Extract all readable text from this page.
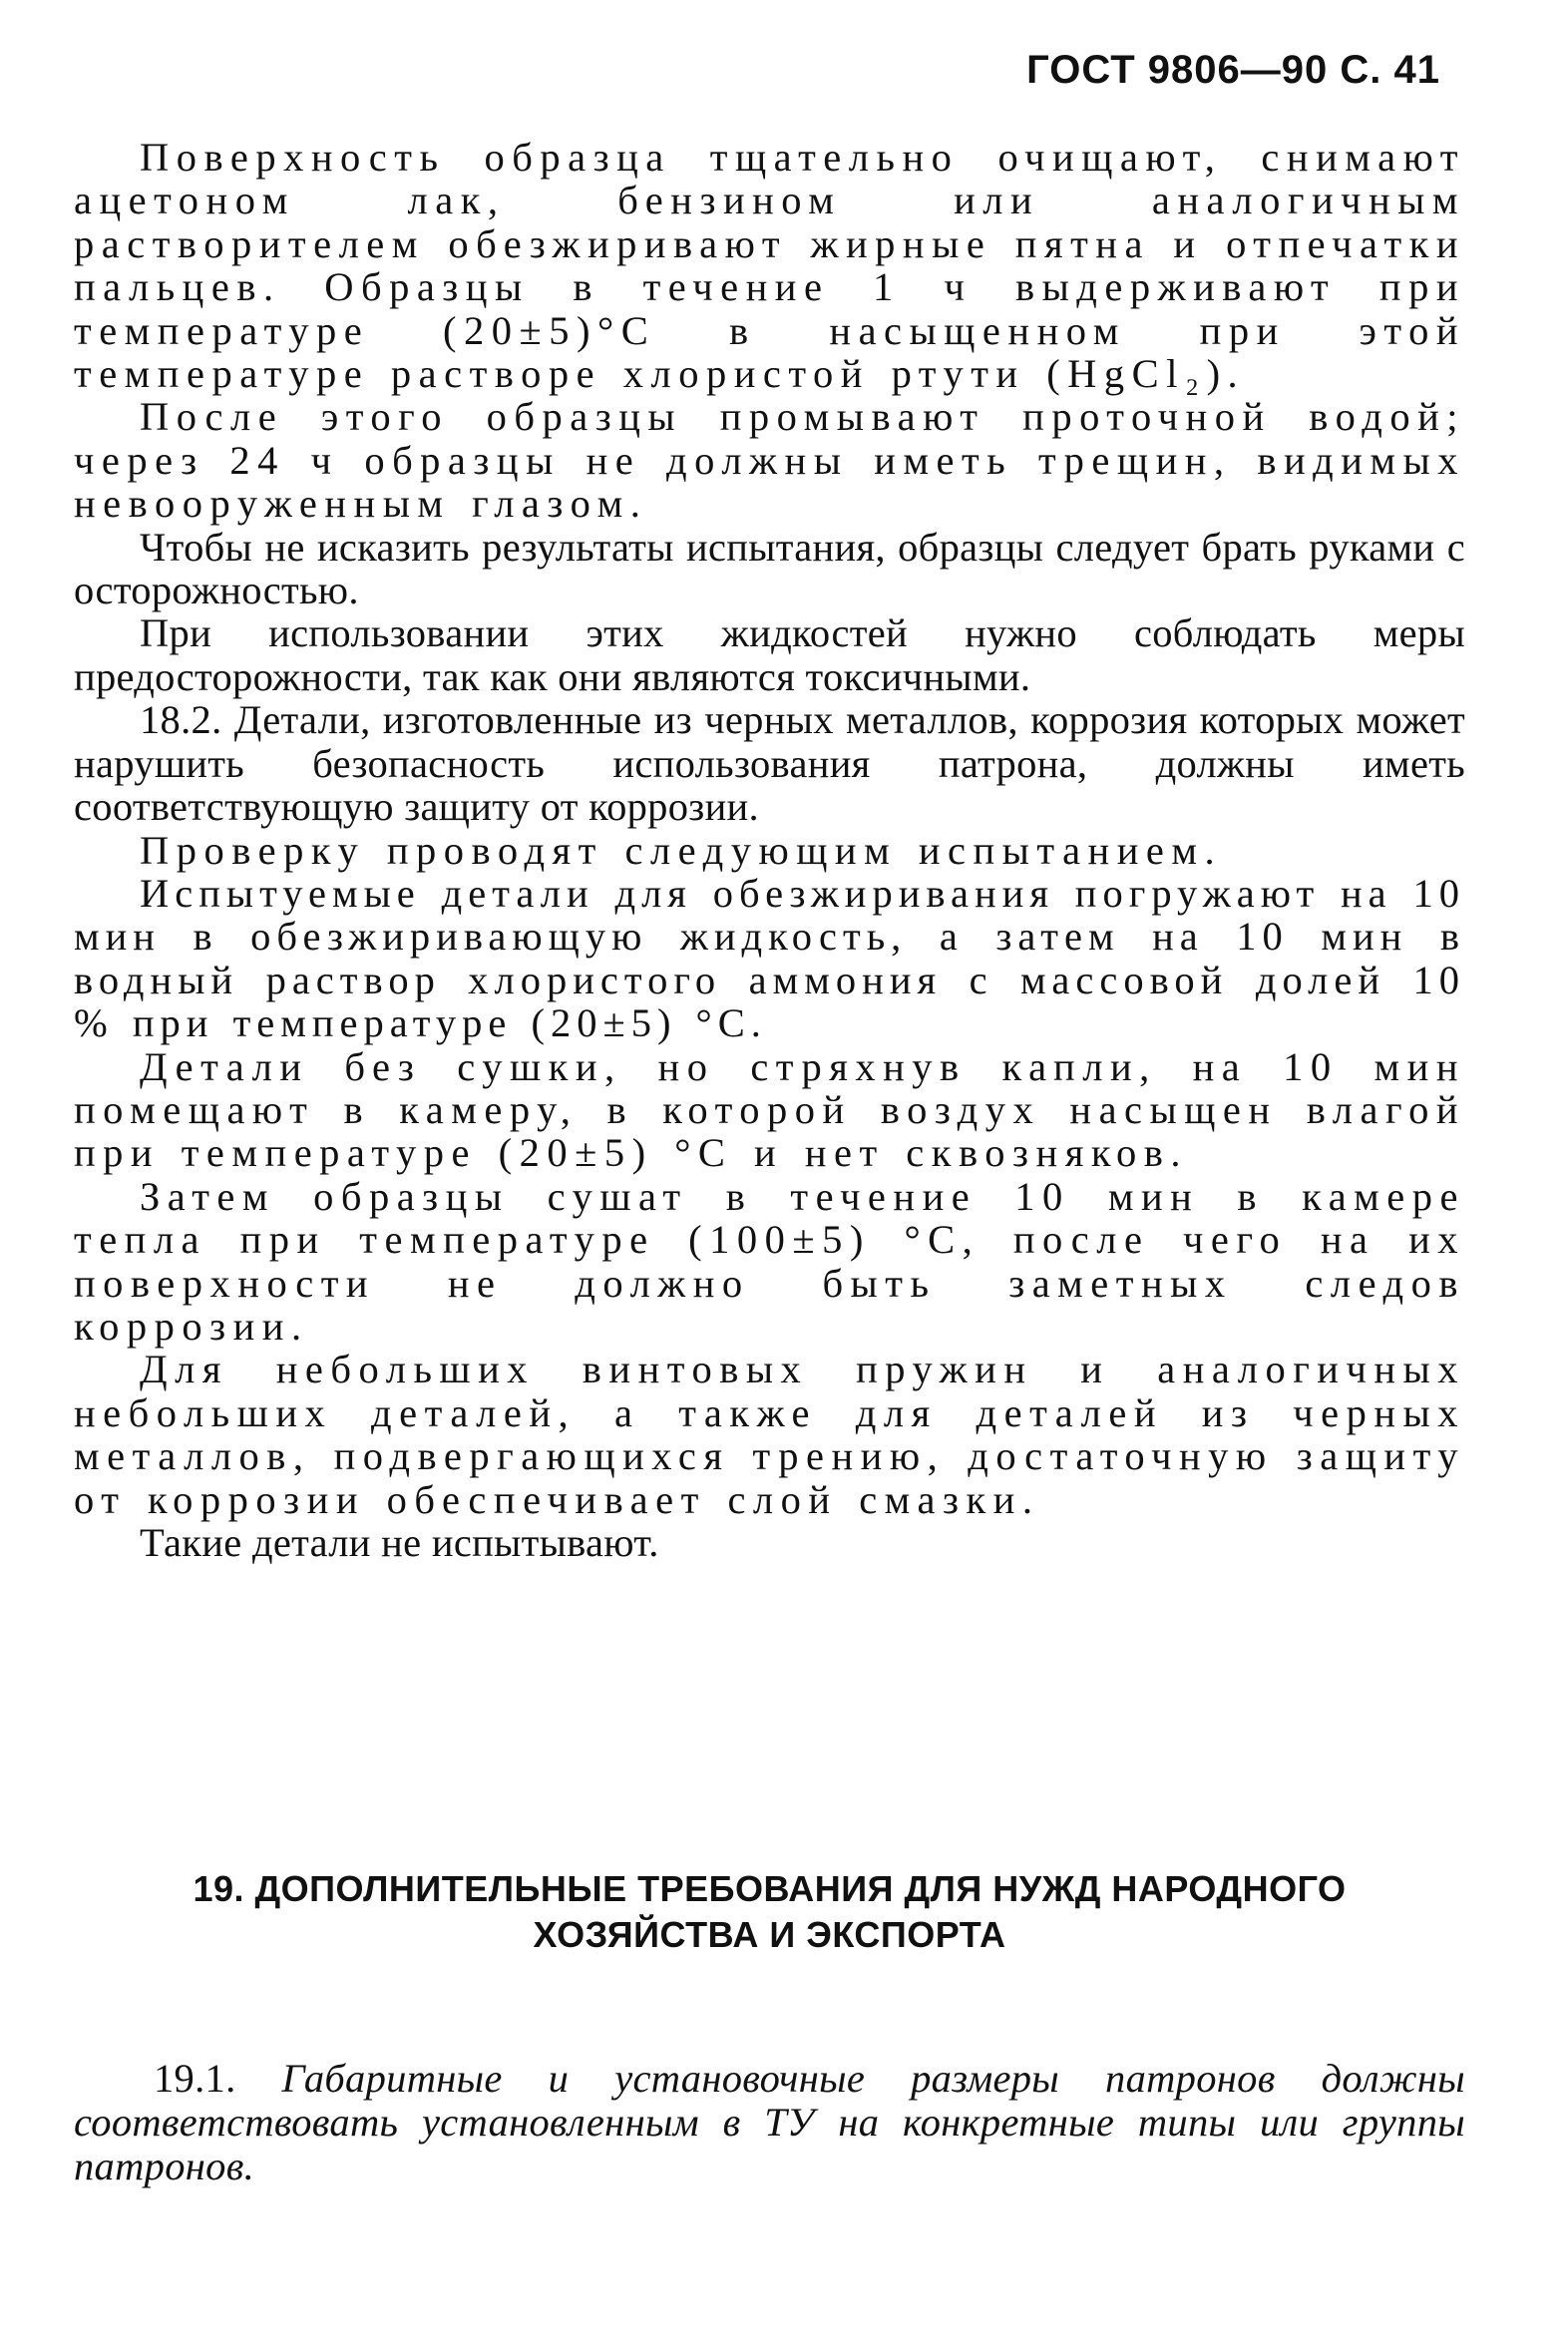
ГОСТ 9806—90 С. 41

Поверхность образца тщательно очищают, снимают ацетоном лак, бензином или аналогичным растворителем обезжиривают жирные пятна и отпечатки пальцев. Образцы в течение 1 ч выдерживают при температуре (20±5)°С в насыщенном при этой температуре растворе хлористой ртути (HgCl₂).

После этого образцы промывают проточной водой; через 24 ч образцы не должны иметь трещин, видимых невооруженным глазом.

Чтобы не исказить результаты испытания, образцы следует брать руками с осторожностью.

При использовании этих жидкостей нужно соблюдать меры предосторожности, так как они являются токсичными.

18.2. Детали, изготовленные из черных металлов, коррозия которых может нарушить безопасность использования патрона, должны иметь соответствующую защиту от коррозии.

Проверку проводят следующим испытанием.

Испытуемые детали для обезжиривания погружают на 10 мин в обезжиривающую жидкость, а затем на 10 мин в водный раствор хлористого аммония с массовой долей 10 % при температуре (20±5) °С.

Детали без сушки, но стряхнув капли, на 10 мин помещают в камеру, в которой воздух насыщен влагой при температуре (20±5) °С и нет сквозняков.

Затем образцы сушат в течение 10 мин в камере тепла при температуре (100±5) °С, после чего на их поверхности не должно быть заметных следов коррозии.

Для небольших винтовых пружин и аналогичных небольших деталей, а также для деталей из черных металлов, подвергающихся трению, достаточную защиту от коррозии обеспечивает слой смазки.

Такие детали не испытывают.

19. ДОПОЛНИТЕЛЬНЫЕ ТРЕБОВАНИЯ ДЛЯ НУЖД НАРОДНОГО
ХОЗЯЙСТВА И ЭКСПОРТА

19.1. Габаритные и установочные размеры патронов должны соответствовать установленным в ТУ на конкретные типы или группы патронов.
